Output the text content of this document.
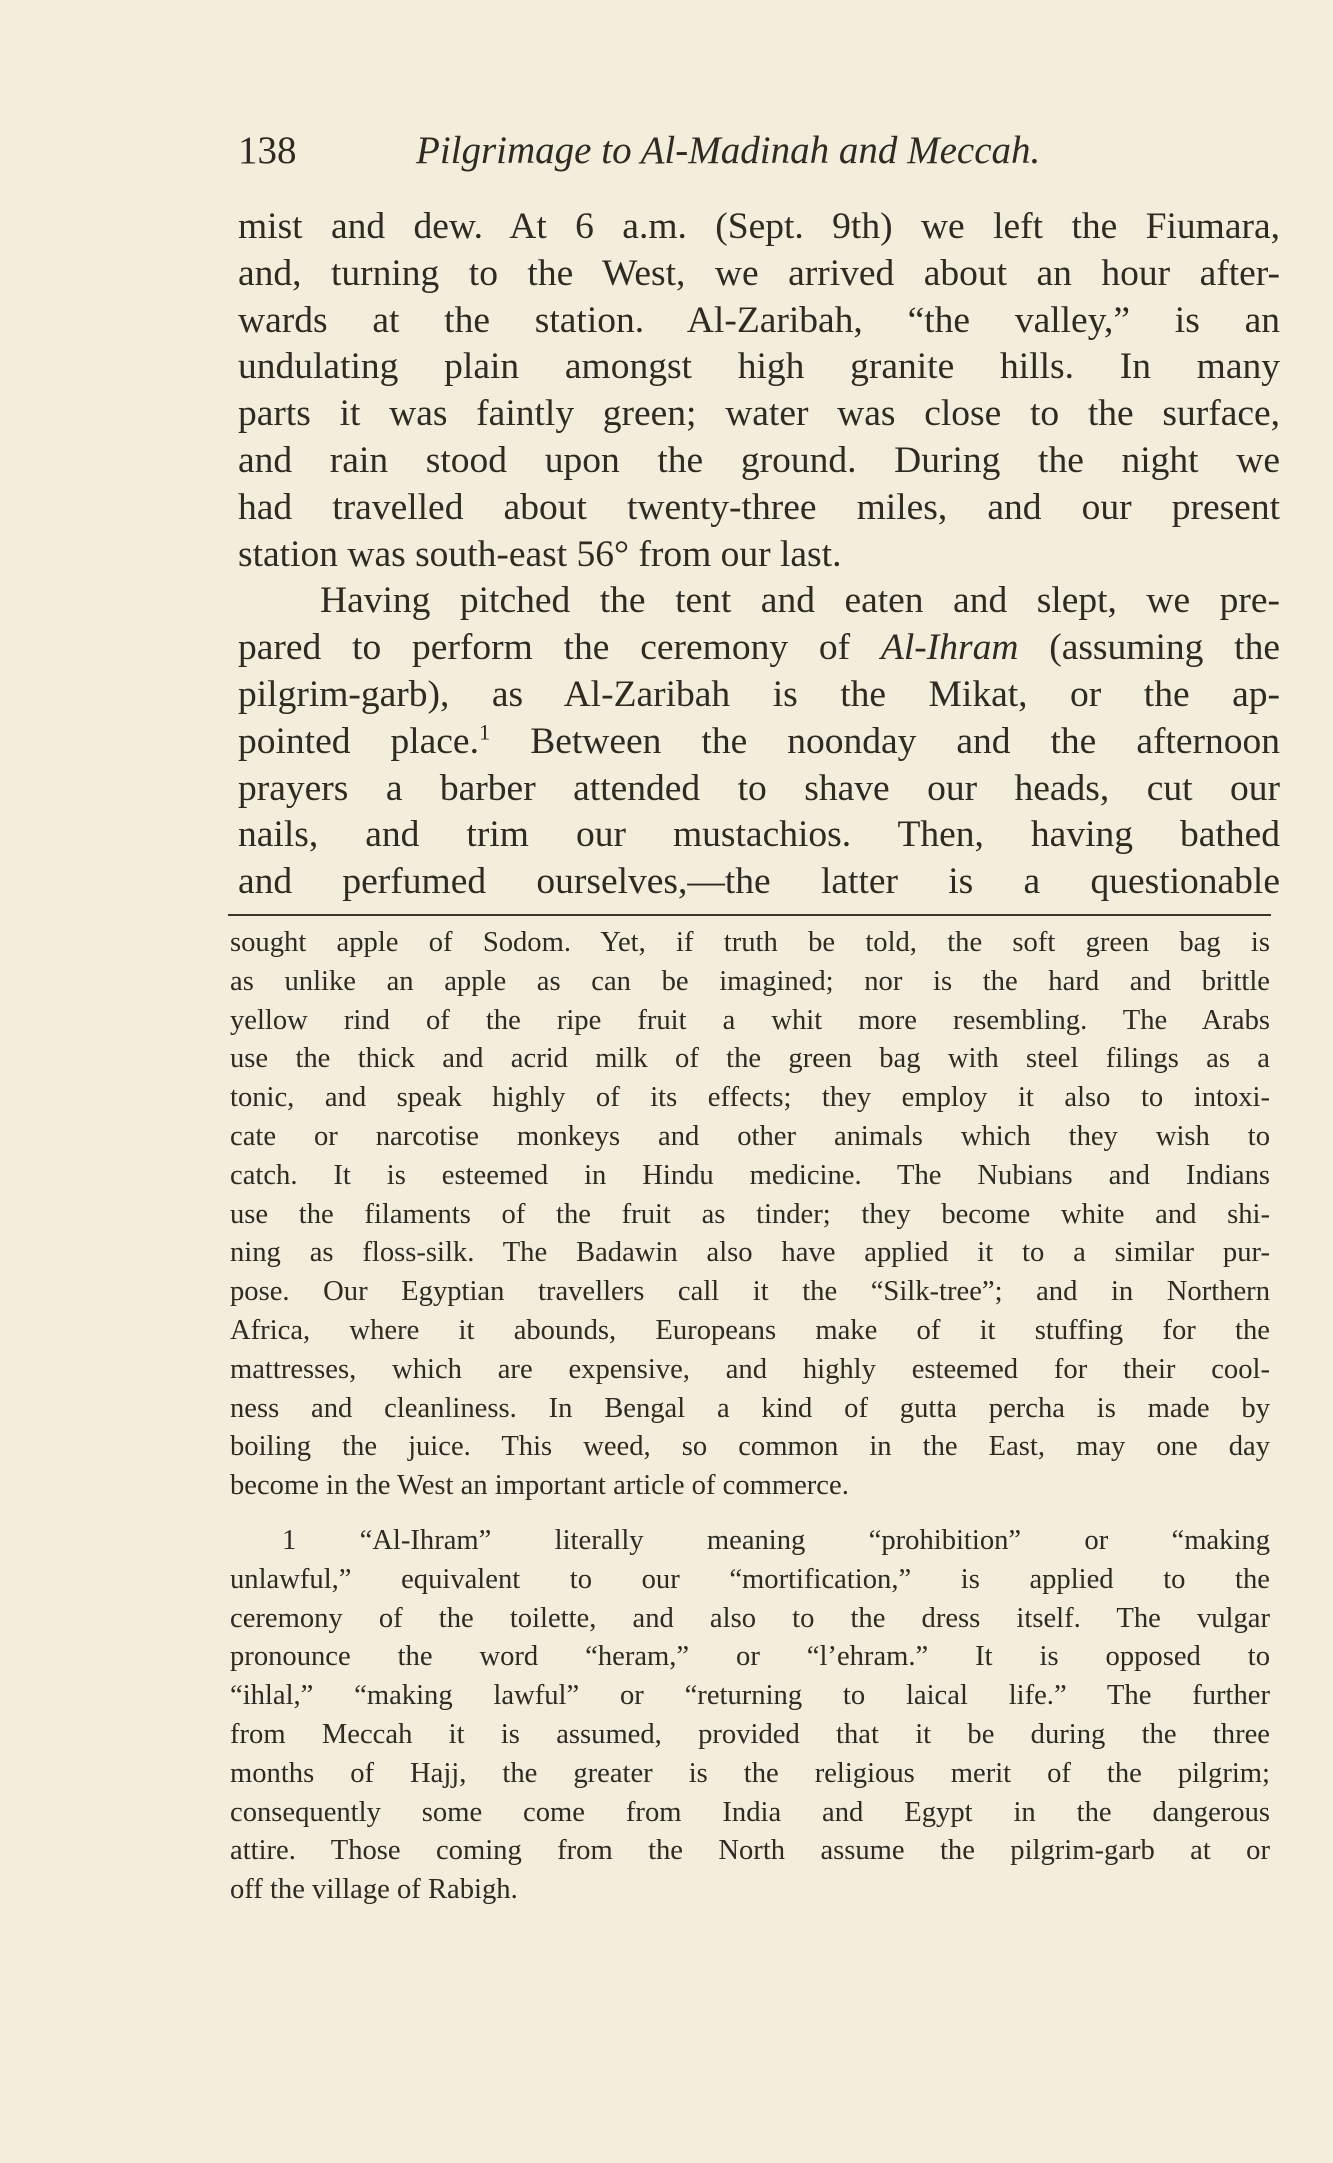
138	Pilgrimage to Al-Madinah and Meccah.
mist and dew. At 6 a.m. (Sept. 9th) we left the Fiumara,
and, turning to the West, we arrived about an hour after-
wards at the station. Al-Zaribah, “the valley,” is an
undulating plain amongst high granite hills. In many
parts it was faintly green; water was close to the surface,
and rain stood upon the ground. During the night we
had travelled about twenty-three miles, and our present
station was south-east 56° from our last.
Having pitched the tent and eaten and slept, we pre-
pared to perform the ceremony of Al-Ihram (assuming the
pilgrim-garb), as Al-Zaribah is the Mikat, or the ap-
pointed place.$^1$ Between the noonday and the afternoon
prayers a barber attended to shave our heads, cut our
nails, and trim our mustachios. Then, having bathed
and perfumed ourselves,—the latter is a questionable
sought apple of Sodom. Yet, if truth be told, the soft green bag is
as unlike an apple as can be imagined; nor is the hard and brittle
yellow rind of the ripe fruit a whit more resembling. The Arabs
use the thick and acrid milk of the green bag with steel filings as a
tonic, and speak highly of its effects; they employ it also to intoxi-
cate or narcotise monkeys and other animals which they wish to
catch. It is esteemed in Hindu medicine. The Nubians and Indians
use the filaments of the fruit as tinder; they become white and shi-
ning as floss-silk. The Badawin also have applied it to a similar pur-
pose. Our Egyptian travellers call it the “Silk-tree”; and in Northern
Africa, where it abounds, Europeans make of it stuffing for the
mattresses, which are expensive, and highly esteemed for their cool-
ness and cleanliness. In Bengal a kind of gutta percha is made by
boiling the juice. This weed, so common in the East, may one day
become in the West an important article of commerce.
1 “Al-Ihram” literally meaning “prohibition” or “making
unlawful,” equivalent to our “mortification,” is applied to the
ceremony of the toilette, and also to the dress itself. The vulgar
pronounce the word “heram,” or “l’ehram.” It is opposed to
“ihlal,” “making lawful” or “returning to laical life.” The further
from Meccah it is assumed, provided that it be during the three
months of Hajj, the greater is the religious merit of the pilgrim;
consequently some come from India and Egypt in the dangerous
attire. Those coming from the North assume the pilgrim-garb at or
off the village of Rabigh.
